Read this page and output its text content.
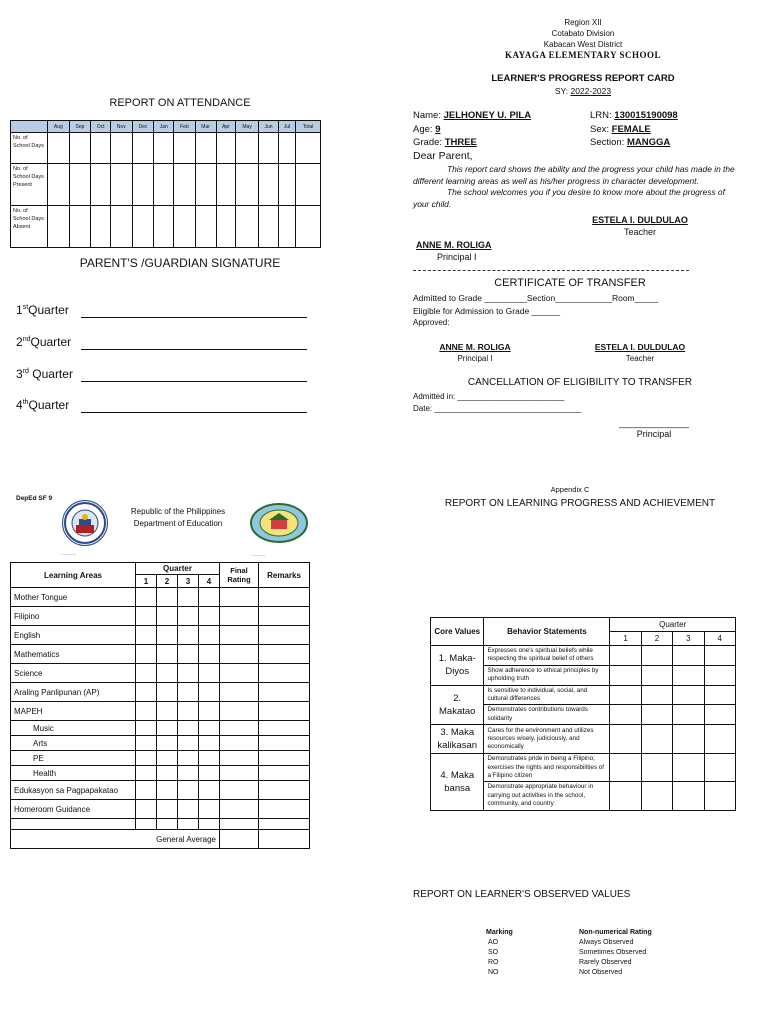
REPORT ON ATTENDANCE
	Aug	Sep	Oct	Nov	Dec	Jan	Feb	Mar	Apr	May	Jun	Jul	Total
No. of School Days													
No. of School Days Present													
No. of School Days Absent													
PARENT'S /GUARDIAN SIGNATURE
1stQuarter
2ndQuarter
3rd Quarter
4thQuarter
Region XII
Cotabato Division
Kabacan West District
KAYAGA ELEMENTARY SCHOOL
LEARNER'S PROGRESS REPORT CARD
SY: 2022-2023
Name: JELHONEY U. PILA	LRN: 130015190098
Age: 9	Sex: FEMALE
Grade: THREE	Section: MANGGA
Dear Parent,
This report card shows the ability and the progress your child has made in the different learning areas as well as his/her progress in character development.
The school welcomes you if you desire to know more about the progress of your child.
ESTELA I. DULDULAO
Teacher
ANNE M. ROLIGA
Principal I
CERTIFICATE OF TRANSFER
Admitted to Grade _________Section____________Room_____
Eligible for Admission to Grade ______
Approved:
ANNE M. ROLIGA
Principal I
ESTELA I. DULDULAO
Teacher
CANCELLATION OF ELIGIBILITY TO TRANSFER
Admitted in: ________________________
Date: _________________________________
______________
Principal
DepEd SF 9
KAGAWARAN NG EDUKASYON
Republic of the Philippines
Department of Education
KAYAGA ELEMENTARY SCHOOL
Learning Areas	Quarter				Final Rating	Remarks
	1	2	3	4		
Mother Tongue						
Filipino						
English						
Mathematics						
Science						
Araling Panlipunan (AP)						
MAPEH						
Music						
Arts						
PE						
Health						
Edukasyon sa Pagpapakatao						
Homeroom Guidance						

	General Average					
Appendix C
REPORT ON LEARNING PROGRESS AND ACHIEVEMENT
Core Values	Behavior Statements	Quarter			
		1	2	3	4
1. Maka-Diyos	Expresses one's spiritual beliefs while respecting the spiritual belief of others				
	Show adherence to ethical principles by upholding truth				
2. Makatao	Is sensitive to individual, social, and cultural differences				
	Demonstrates contributions towards solidarity				
3. Maka kalikasan	Cares for the environment and utilizes resources wisely, judiciously, and economically				
4. Maka bansa	Demonstrates pride in being a Filipino; exercises the rights and responsibilities of a Filipino citizen				
	Demonstrate appropriate behaviour in carrying out activities in the school, community, and country				
REPORT ON LEARNER'S OBSERVED VALUES
Marking	Non-numerical Rating
AO	Always Observed
SO	Sometimes Observed
RO	Rarely Observed
NO	Not Observed
